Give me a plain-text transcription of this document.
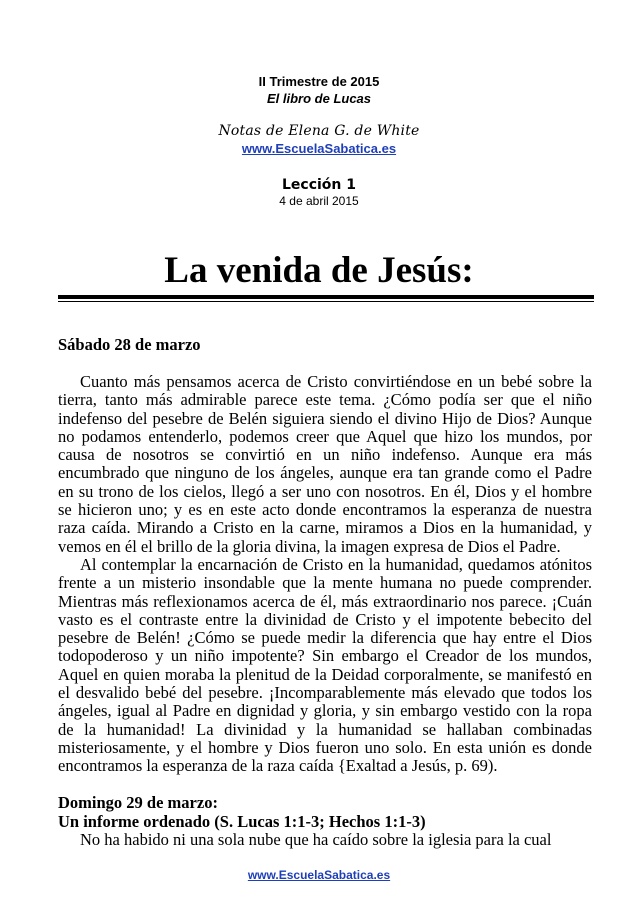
II Trimestre de 2015
El libro de Lucas
Notas de Elena G. de White
www.EscuelaSabatica.es
Lección 1
4 de abril 2015
La venida de Jesús:
Sábado 28 de marzo

Cuanto más pensamos acerca de Cristo convirtiéndose en un bebé sobre la tierra, tanto más admirable parece este tema. ¿Cómo podía ser que el niño indefenso del pesebre de Belén siguiera siendo el divino Hijo de Dios? Aunque no podamos entenderlo, podemos creer que Aquel que hizo los mundos, por causa de nosotros se convirtió en un niño indefenso. Aunque era más encumbrado que ninguno de los ángeles, aunque era tan grande como el Padre en su trono de los cielos, llegó a ser uno con nosotros. En él, Dios y el hombre se hicieron uno; y es en este acto donde encontramos la esperanza de nuestra raza caída. Mirando a Cristo en la carne, miramos a Dios en la humanidad, y vemos en él el brillo de la gloria divina, la imagen expresa de Dios el Padre.

Al contemplar la encarnación de Cristo en la humanidad, quedamos atónitos frente a un misterio insondable que la mente humana no puede comprender. Mientras más reflexionamos acerca de él, más extraordinario nos parece. ¡Cuán vasto es el contraste entre la divinidad de Cristo y el impotente bebecito del pesebre de Belén! ¿Cómo se puede medir la diferencia que hay entre el Dios todopoderoso y un niño impotente? Sin embargo el Creador de los mundos, Aquel en quien moraba la plenitud de la Deidad corporalmente, se manifestó en el desvalido bebé del pesebre. ¡Incomparablemente más elevado que todos los ángeles, igual al Padre en dignidad y gloria, y sin embargo vestido con la ropa de la humanidad! La divinidad y la humanidad se hallaban combinadas misteriosamente, y el hombre y Dios fueron uno solo. En esta unión es donde encontramos la esperanza de la raza caída {Exaltad a Jesús, p. 69).

Domingo 29 de marzo:
Un informe ordenado (S. Lucas 1:1-3; Hechos 1:1-3)

No ha habido ni una sola nube que ha caído sobre la iglesia para la cual

www.EscuelaSabatica.es
